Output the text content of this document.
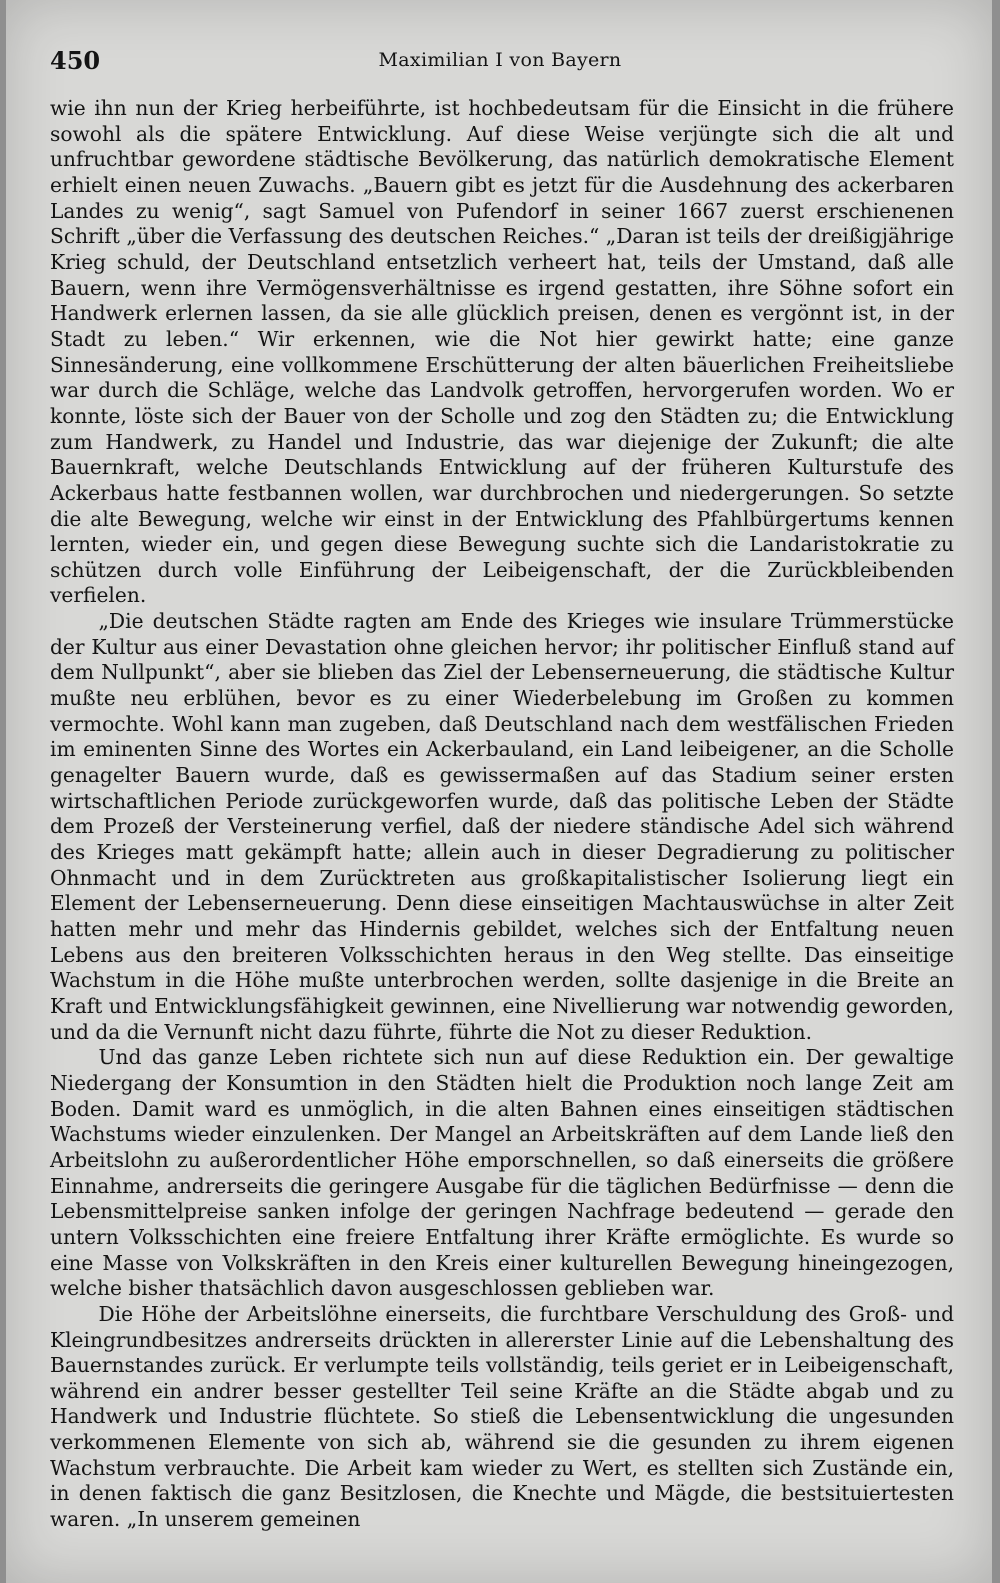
450	Maximilian I von Bayern

wie ihn nun der Krieg herbeiführte, ist hochbedeutsam für die Einsicht in die frühere sowohl als die spätere Entwicklung. Auf diese Weise verjüngte sich die alt und unfruchtbar gewordene städtische Bevölkerung, das natürlich demokratische Element erhielt einen neuen Zuwachs. „Bauern gibt es jetzt für die Ausdehnung des ackerbaren Landes zu wenig“, sagt Samuel von Pufendorf in seiner 1667 zuerst erschienenen Schrift „über die Verfassung des deutschen Reiches.“ „Daran ist teils der dreißigjährige Krieg schuld, der Deutschland entsetzlich verheert hat, teils der Umstand, daß alle Bauern, wenn ihre Vermögensverhältnisse es irgend gestatten, ihre Söhne sofort ein Handwerk erlernen lassen, da sie alle glücklich preisen, denen es vergönnt ist, in der Stadt zu leben.“ Wir erkennen, wie die Not hier gewirkt hatte; eine ganze Sinnesänderung, eine vollkommene Erschütterung der alten bäuerlichen Freiheitsliebe war durch die Schläge, welche das Landvolk getroffen, hervorgerufen worden. Wo er konnte, löste sich der Bauer von der Scholle und zog den Städten zu; die Entwicklung zum Handwerk, zu Handel und Industrie, das war diejenige der Zukunft; die alte Bauernkraft, welche Deutschlands Entwicklung auf der früheren Kulturstufe des Ackerbaus hatte festbannen wollen, war durchbrochen und niedergerungen. So setzte die alte Bewegung, welche wir einst in der Entwicklung des Pfahlbürgertums kennen lernten, wieder ein, und gegen diese Bewegung suchte sich die Landaristokratie zu schützen durch volle Einführung der Leibeigenschaft, der die Zurückbleibenden verfielen.

„Die deutschen Städte ragten am Ende des Krieges wie insulare Trümmerstücke der Kultur aus einer Devastation ohne gleichen hervor; ihr politischer Einfluß stand auf dem Nullpunkt“, aber sie blieben das Ziel der Lebenserneuerung, die städtische Kultur mußte neu erblühen, bevor es zu einer Wiederbelebung im Großen zu kommen vermochte. Wohl kann man zugeben, daß Deutschland nach dem westfälischen Frieden im eminenten Sinne des Wortes ein Ackerbauland, ein Land leibeigener, an die Scholle genagelter Bauern wurde, daß es gewissermaßen auf das Stadium seiner ersten wirtschaftlichen Periode zurückgeworfen wurde, daß das politische Leben der Städte dem Prozeß der Versteinerung verfiel, daß der niedere ständische Adel sich während des Krieges matt gekämpft hatte; allein auch in dieser Degradierung zu politischer Ohnmacht und in dem Zurücktreten aus großkapitalistischer Isolierung liegt ein Element der Lebenserneuerung. Denn diese einseitigen Machtauswüchse in alter Zeit hatten mehr und mehr das Hindernis gebildet, welches sich der Entfaltung neuen Lebens aus den breiteren Volksschichten heraus in den Weg stellte. Das einseitige Wachstum in die Höhe mußte unterbrochen werden, sollte dasjenige in die Breite an Kraft und Entwicklungsfähigkeit gewinnen, eine Nivellierung war notwendig geworden, und da die Vernunft nicht dazu führte, führte die Not zu dieser Reduktion.

Und das ganze Leben richtete sich nun auf diese Reduktion ein. Der gewaltige Niedergang der Konsumtion in den Städten hielt die Produktion noch lange Zeit am Boden. Damit ward es unmöglich, in die alten Bahnen eines einseitigen städtischen Wachstums wieder einzulenken. Der Mangel an Arbeitskräften auf dem Lande ließ den Arbeitslohn zu außerordentlicher Höhe emporschnellen, so daß einerseits die größere Einnahme, andrerseits die geringere Ausgabe für die täglichen Bedürfnisse — denn die Lebensmittelpreise sanken infolge der geringen Nachfrage bedeutend — gerade den untern Volksschichten eine freiere Entfaltung ihrer Kräfte ermöglichte. Es wurde so eine Masse von Volkskräften in den Kreis einer kulturellen Bewegung hineingezogen, welche bisher thatsächlich davon ausgeschlossen geblieben war.

Die Höhe der Arbeitslöhne einerseits, die furchtbare Verschuldung des Groß- und Kleingrundbesitzes andrerseits drückten in allererster Linie auf die Lebenshaltung des Bauernstandes zurück. Er verlumpte teils vollständig, teils geriet er in Leibeigenschaft, während ein andrer besser gestellter Teil seine Kräfte an die Städte abgab und zu Handwerk und Industrie flüchtete. So stieß die Lebensentwicklung die ungesunden verkommenen Elemente von sich ab, während sie die gesunden zu ihrem eigenen Wachstum verbrauchte. Die Arbeit kam wieder zu Wert, es stellten sich Zustände ein, in denen faktisch die ganz Besitzlosen, die Knechte und Mägde, die bestsituiertesten waren. „In unserem gemeinen
